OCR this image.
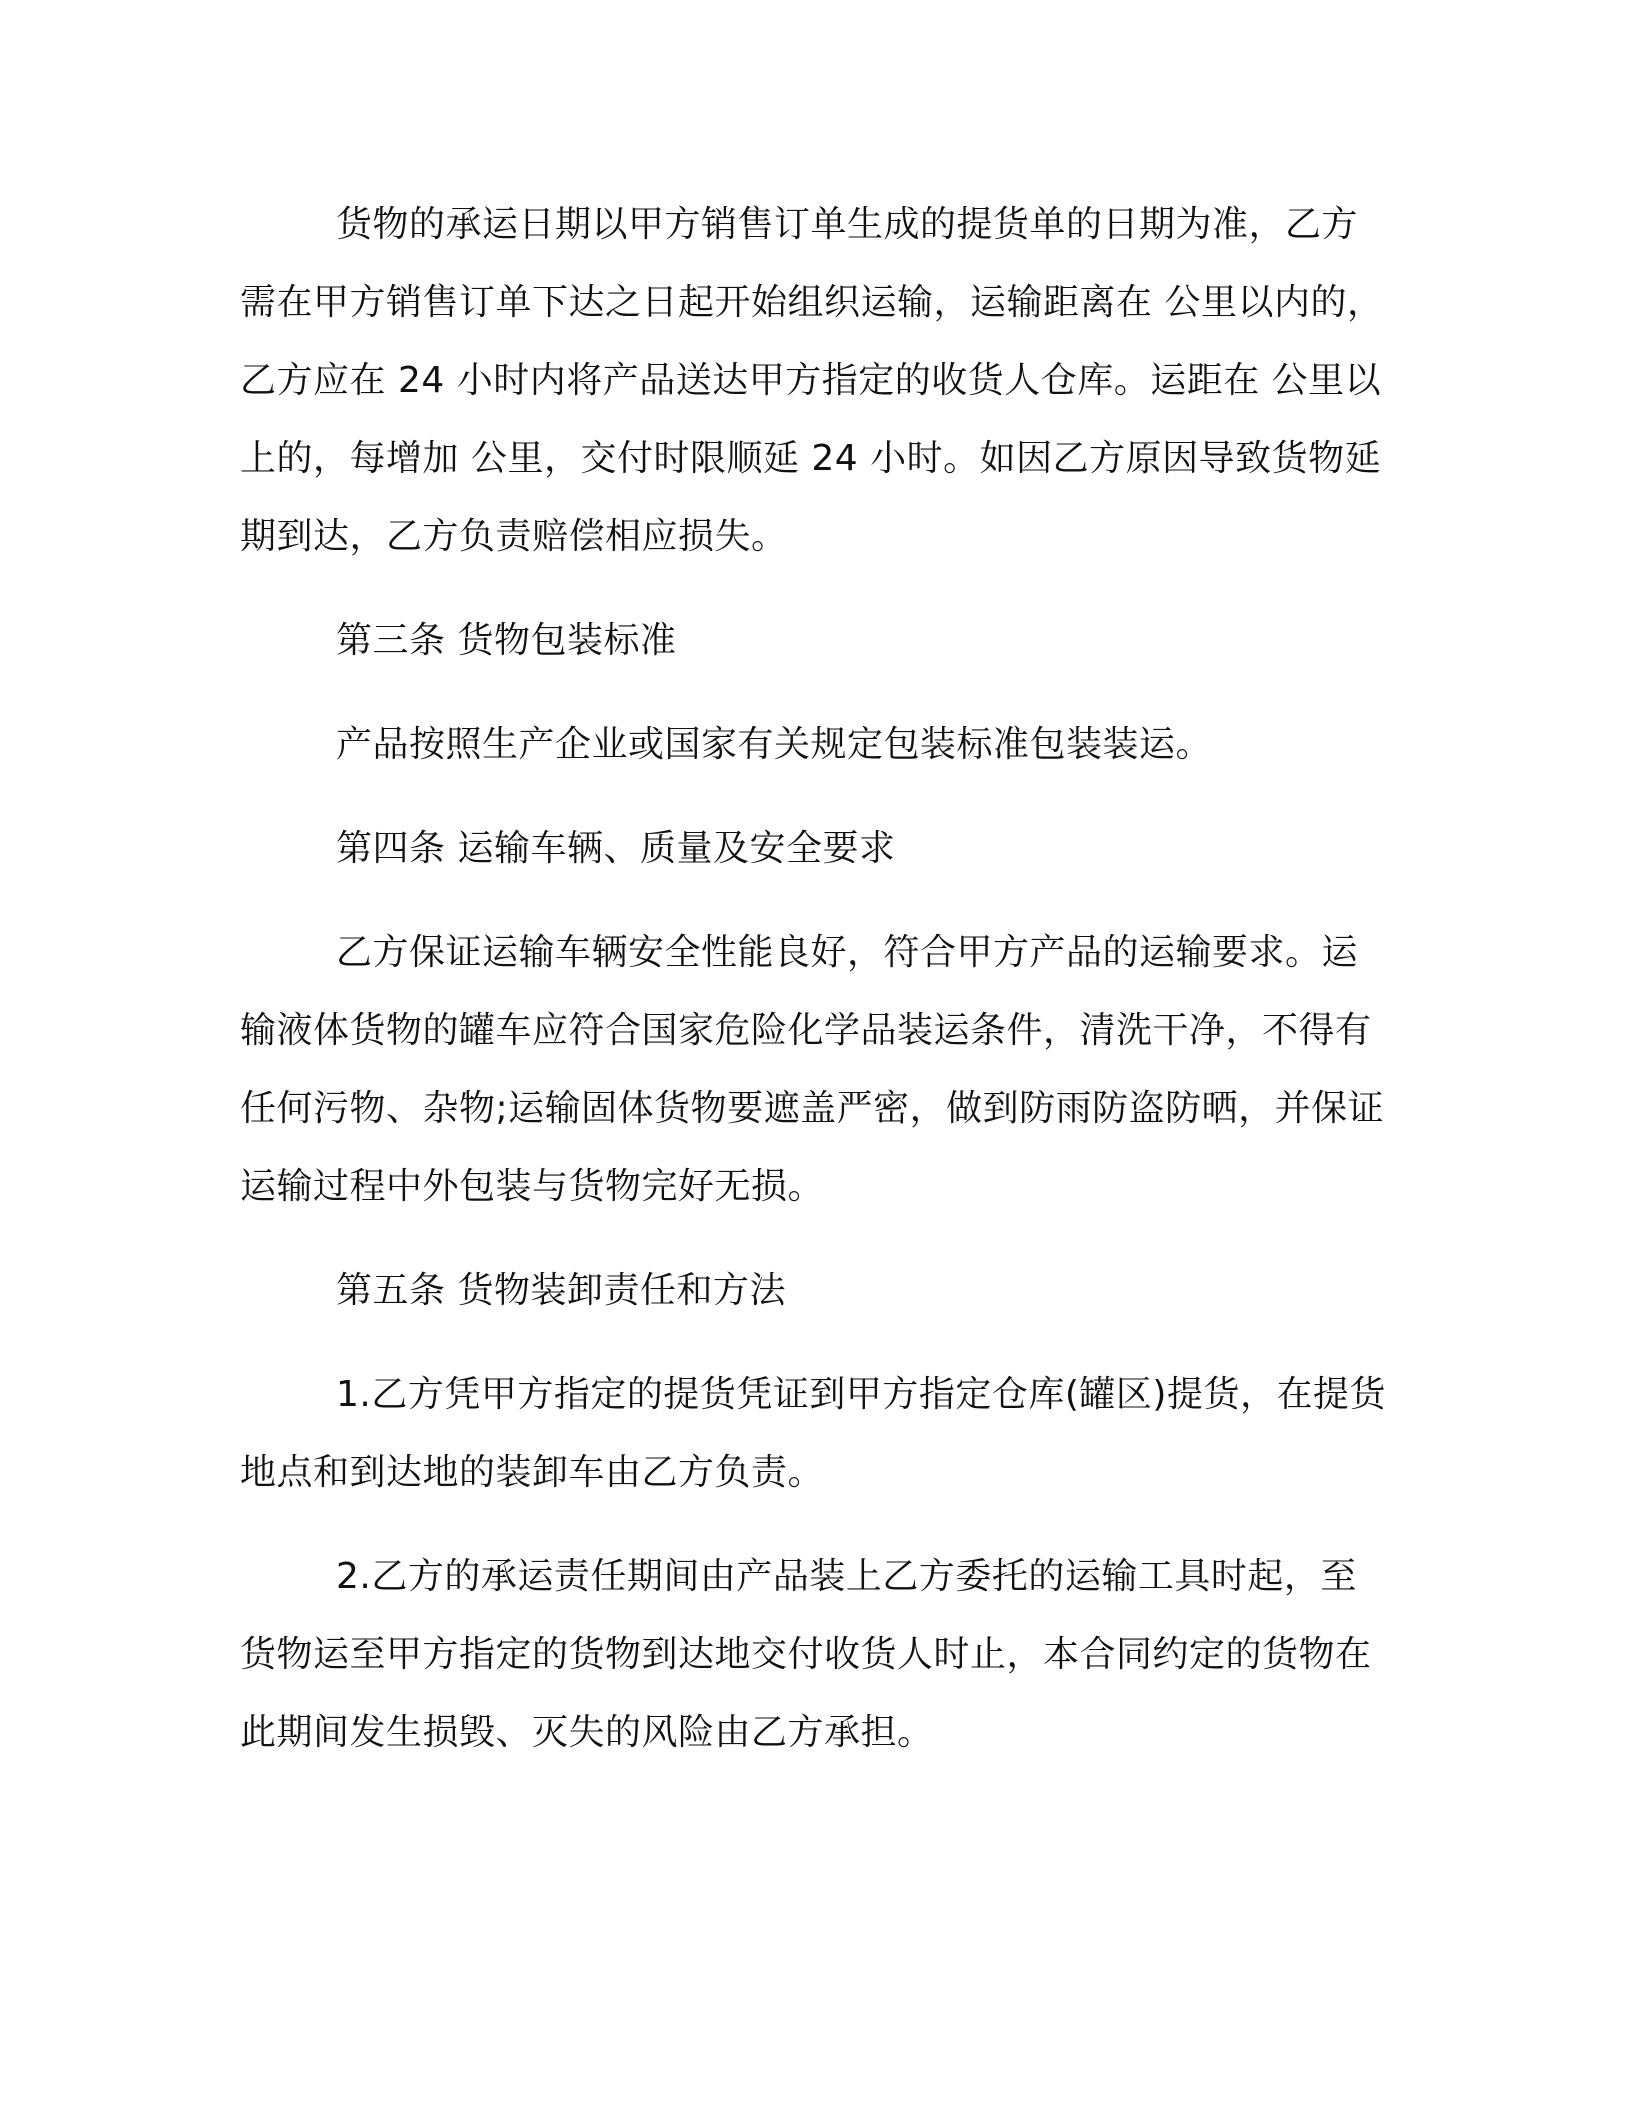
货物的承运日期以甲方销售订单生成的提货单的日期为准，乙方需在甲方销售订单下达之日起开始组织运输，运输距离在 公里以内的，乙方应在 24 小时内将产品送达甲方指定的收货人仓库。运距在 公里以上的，每增加 公里，交付时限顺延 24 小时。如因乙方原因导致货物延期到达，乙方负责赔偿相应损失。

第三条 货物包装标准

产品按照生产企业或国家有关规定包装标准包装装运。

第四条 运输车辆、质量及安全要求

乙方保证运输车辆安全性能良好，符合甲方产品的运输要求。运输液体货物的罐车应符合国家危险化学品装运条件，清洗干净，不得有任何污物、杂物;运输固体货物要遮盖严密，做到防雨防盗防晒，并保证运输过程中外包装与货物完好无损。

第五条 货物装卸责任和方法

1.乙方凭甲方指定的提货凭证到甲方指定仓库(罐区)提货，在提货地点和到达地的装卸车由乙方负责。

2.乙方的承运责任期间由产品装上乙方委托的运输工具时起，至货物运至甲方指定的货物到达地交付收货人时止，本合同约定的货物在此期间发生损毁、灭失的风险由乙方承担。
